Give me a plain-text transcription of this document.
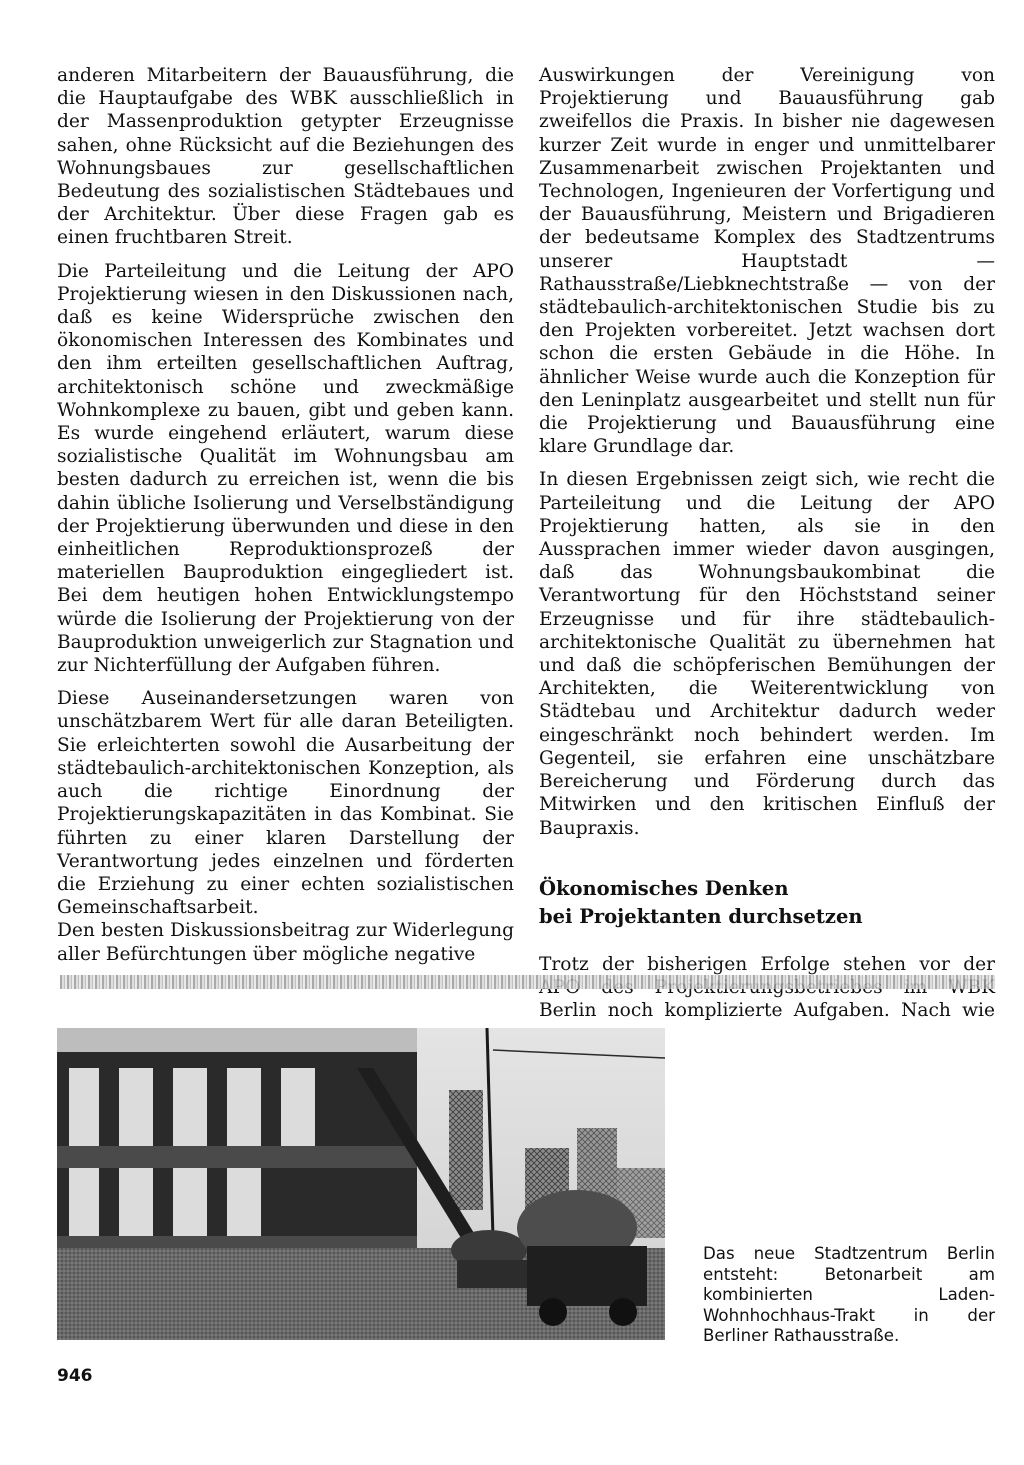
anderen Mitarbeitern der Bauausführung, die die Hauptaufgabe des WBK ausschließlich in der Massenproduktion getypter Erzeugnisse sahen, ohne Rücksicht auf die Beziehungen des Wohnungsbaues zur gesellschaftlichen Bedeutung des sozialistischen Städtebaues und der Architektur. Über diese Fragen gab es einen fruchtbaren Streit.

Die Parteileitung und die Leitung der APO Projektierung wiesen in den Diskussionen nach, daß es keine Widersprüche zwischen den ökonomischen Interessen des Kombinates und den ihm erteilten gesellschaftlichen Auftrag, architektonisch schöne und zweckmäßige Wohnkomplexe zu bauen, gibt und geben kann. Es wurde eingehend erläutert, warum diese sozialistische Qualität im Wohnungsbau am besten dadurch zu erreichen ist, wenn die bis dahin übliche Isolierung und Verselbständigung der Projektierung überwunden und diese in den einheitlichen Reproduktionsprozeß der materiellen Bauproduktion eingegliedert ist. Bei dem heutigen hohen Entwicklungstempo würde die Isolierung der Projektierung von der Bauproduktion unweigerlich zur Stagnation und zur Nichterfüllung der Aufgaben führen.

Diese Auseinandersetzungen waren von unschätzbarem Wert für alle daran Beteiligten. Sie erleichterten sowohl die Ausarbeitung der städtebaulich-architektonischen Konzeption, als auch die richtige Einordnung der Projektierungskapazitäten in das Kombinat. Sie führten zu einer klaren Darstellung der Verantwortung jedes einzelnen und förderten die Erziehung zu einer echten sozialistischen Gemeinschaftsarbeit.

Den besten Diskussionsbeitrag zur Widerlegung aller Befürchtungen über mögliche negative

Auswirkungen der Vereinigung von Projektierung und Bauausführung gab zweifellos die Praxis. In bisher nie dagewesen kurzer Zeit wurde in enger und unmittelbarer Zusammenarbeit zwischen Projektanten und Technologen, Ingenieuren der Vorfertigung und der Bauausführung, Meistern und Brigadieren der bedeutsame Komplex des Stadtzentrums unserer Hauptstadt — Rathausstraße/Liebknechtstraße — von der städtebaulich-architektonischen Studie bis zu den Projekten vorbereitet. Jetzt wachsen dort schon die ersten Gebäude in die Höhe. In ähnlicher Weise wurde auch die Konzeption für den Leninplatz ausgearbeitet und stellt nun für die Projektierung und Bauausführung eine klare Grundlage dar.

In diesen Ergebnissen zeigt sich, wie recht die Parteileitung und die Leitung der APO Projektierung hatten, als sie in den Aussprachen immer wieder davon ausgingen, daß das Wohnungsbaukombinat die Verantwortung für den Höchststand seiner Erzeugnisse und für ihre städtebaulich-architektonische Qualität zu übernehmen hat und daß die schöpferischen Bemühungen der Architekten, die Weiterentwicklung von Städtebau und Architektur dadurch weder eingeschränkt noch behindert werden. Im Gegenteil, sie erfahren eine unschätzbare Bereicherung und Förderung durch das Mitwirken und den kritischen Einfluß der Baupraxis.

Ökonomisches Denken
bei Projektanten durchsetzen

Trotz der bisherigen Erfolge stehen vor der Berlin noch komplizierte Aufgaben. Nach wie

Das neue Stadtzentrum Berlin entsteht: Betonarbeit am kombinierten Laden-Wohnhochhaus-Trakt in der Berliner Rathausstraße.
946
